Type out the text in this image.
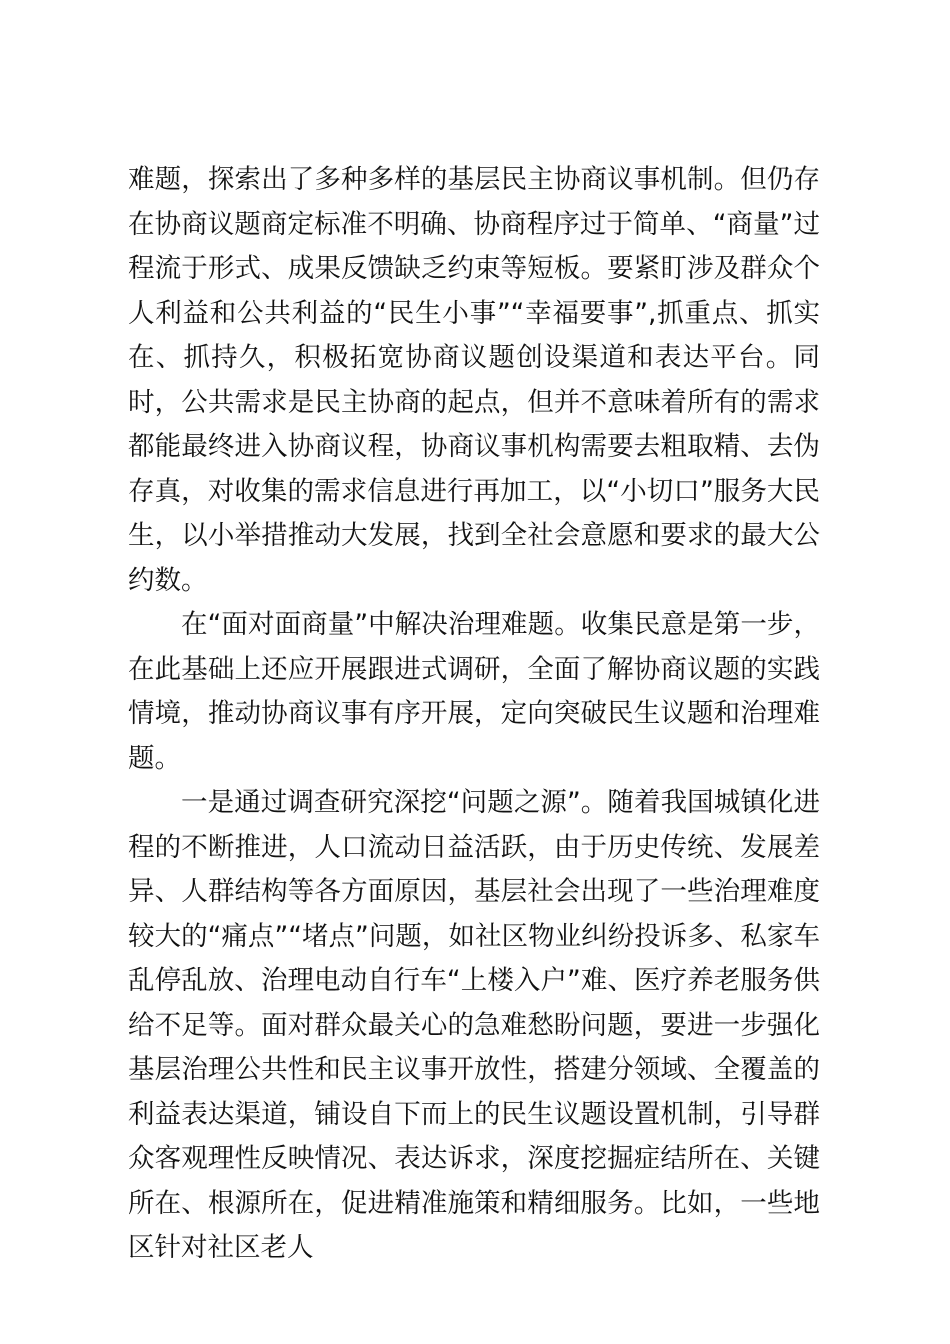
难题，探索出了多种多样的基层民主协商议事机制。但仍存在协商议题商定标准不明确、协商程序过于简单、“商量”过程流于形式、成果反馈缺乏约束等短板。要紧盯涉及群众个人利益和公共利益的“民生小事”“幸福要事”,抓重点、抓实在、抓持久，积极拓宽协商议题创设渠道和表达平台。同时，公共需求是民主协商的起点，但并不意味着所有的需求都能最终进入协商议程，协商议事机构需要去粗取精、去伪存真，对收集的需求信息进行再加工，以“小切口”服务大民生，以小举措推动大发展，找到全社会意愿和要求的最大公约数。

在“面对面商量”中解决治理难题。收集民意是第一步，在此基础上还应开展跟进式调研，全面了解协商议题的实践情境，推动协商议事有序开展，定向突破民生议题和治理难题。

一是通过调查研究深挖“问题之源”。随着我国城镇化进程的不断推进，人口流动日益活跃，由于历史传统、发展差异、人群结构等各方面原因，基层社会出现了一些治理难度较大的“痛点”“堵点”问题，如社区物业纠纷投诉多、私家车乱停乱放、治理电动自行车“上楼入户”难、医疗养老服务供给不足等。面对群众最关心的急难愁盼问题，要进一步强化基层治理公共性和民主议事开放性，搭建分领域、全覆盖的利益表达渠道，铺设自下而上的民生议题设置机制，引导群众客观理性反映情况、表达诉求，深度挖掘症结所在、关键所在、根源所在，促进精准施策和精细服务。比如，一些地区针对社区老人
